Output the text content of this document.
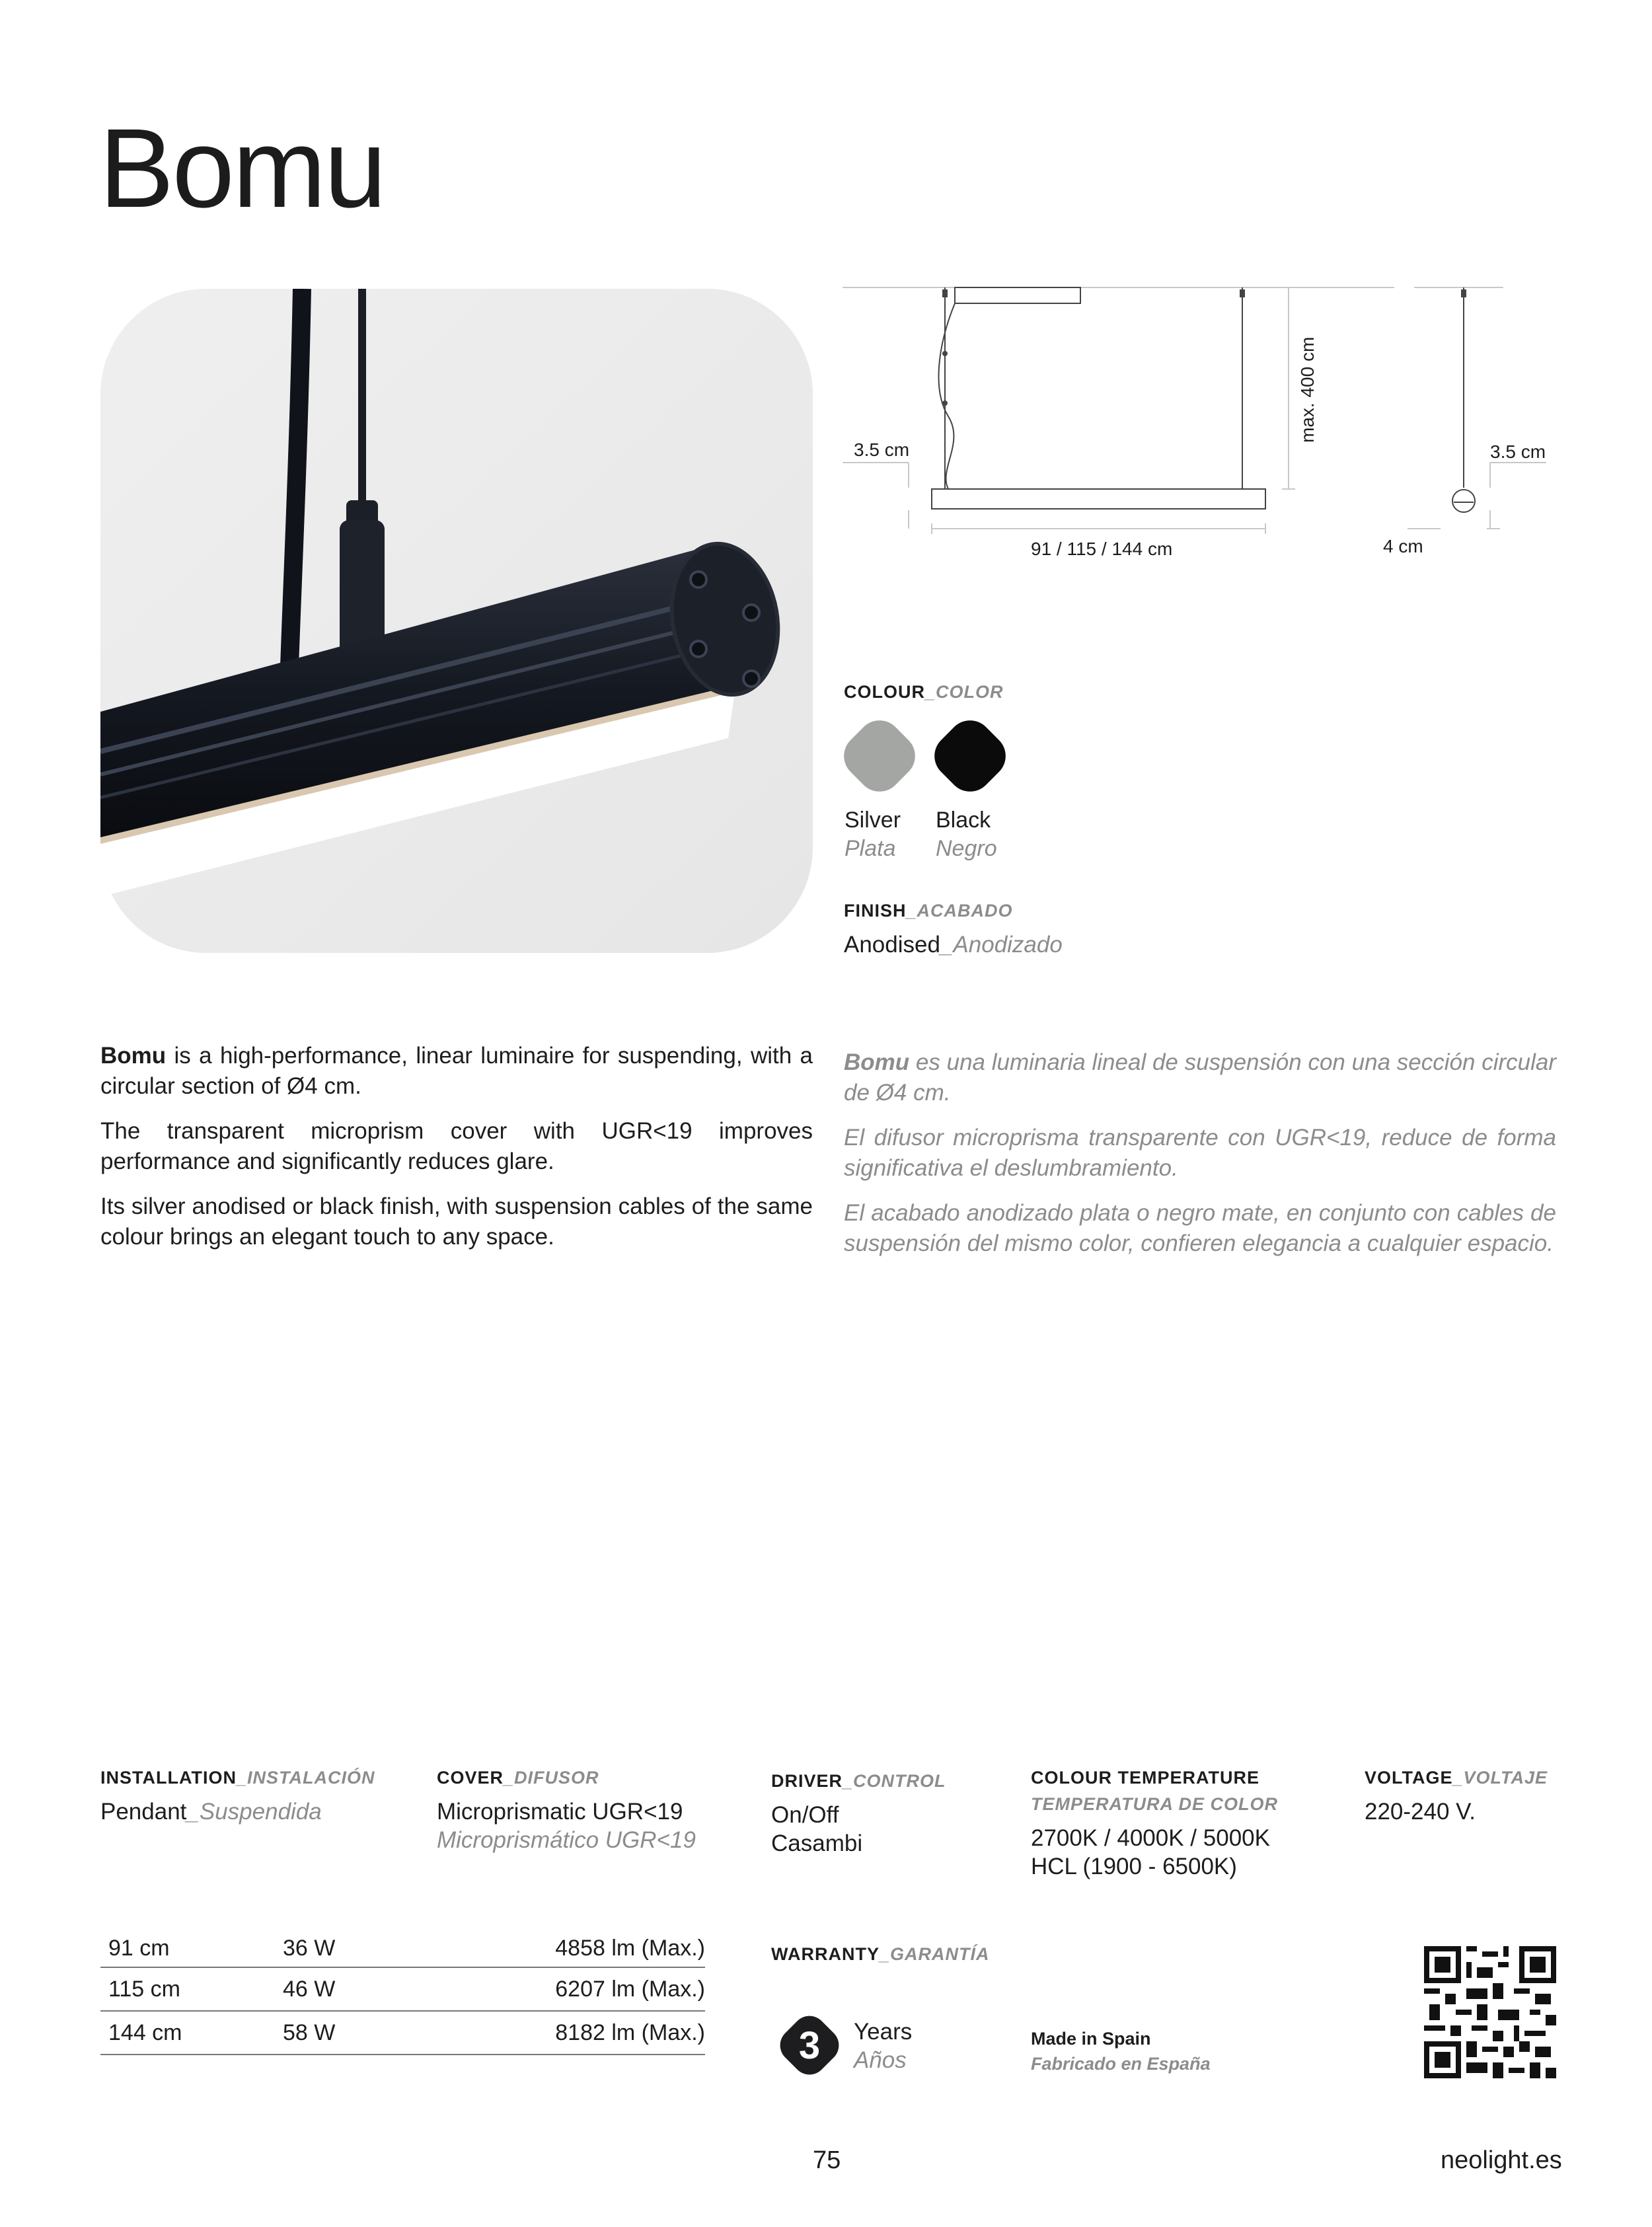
Bomu
max. 400 cm
3.5 cm
91 / 115 / 144 cm
3.5 cm
4 cm
COLOUR_COLOR
Silver
Plata
Black
Negro
FINISH_ACABADO
Anodised_Anodizado

Bomu is a high-performance, linear luminaire for suspending, with a circular section of Ø4 cm.

The transparent microprism cover with UGR<19 improves performance and significantly reduces glare.

Its silver anodised or black finish, with suspension cables of the same colour brings an elegant touch to any space.

Bomu es una luminaria lineal de suspensión con una sección circular de Ø4 cm.

El difusor microprisma transparente con UGR<19, reduce de forma significativa el deslumbramiento.

El acabado anodizado plata o negro mate, en conjunto con cables de suspensión del mismo color, confieren elegancia a cualquier espacio.

INSTALLATION_INSTALACIÓN
Pendant_Suspendida
COVER_DIFUSOR
Microprismatic UGR<19
Microprismático UGR<19
DRIVER_CONTROL
On/Off
Casambi
COLOUR TEMPERATURE
TEMPERATURA DE COLOR
2700K / 4000K / 5000K
HCL (1900 - 6500K)
VOLTAGE_VOLTAJE
220-240 V.
91 cm	36 W	4858 lm (Max.)
115 cm	46 W	6207 lm (Max.)
144 cm	58 W	8182 lm (Max.)
WARRANTY_GARANTÍA
3 Years
Años
Made in Spain
Fabricado en España
75	neolight.es
